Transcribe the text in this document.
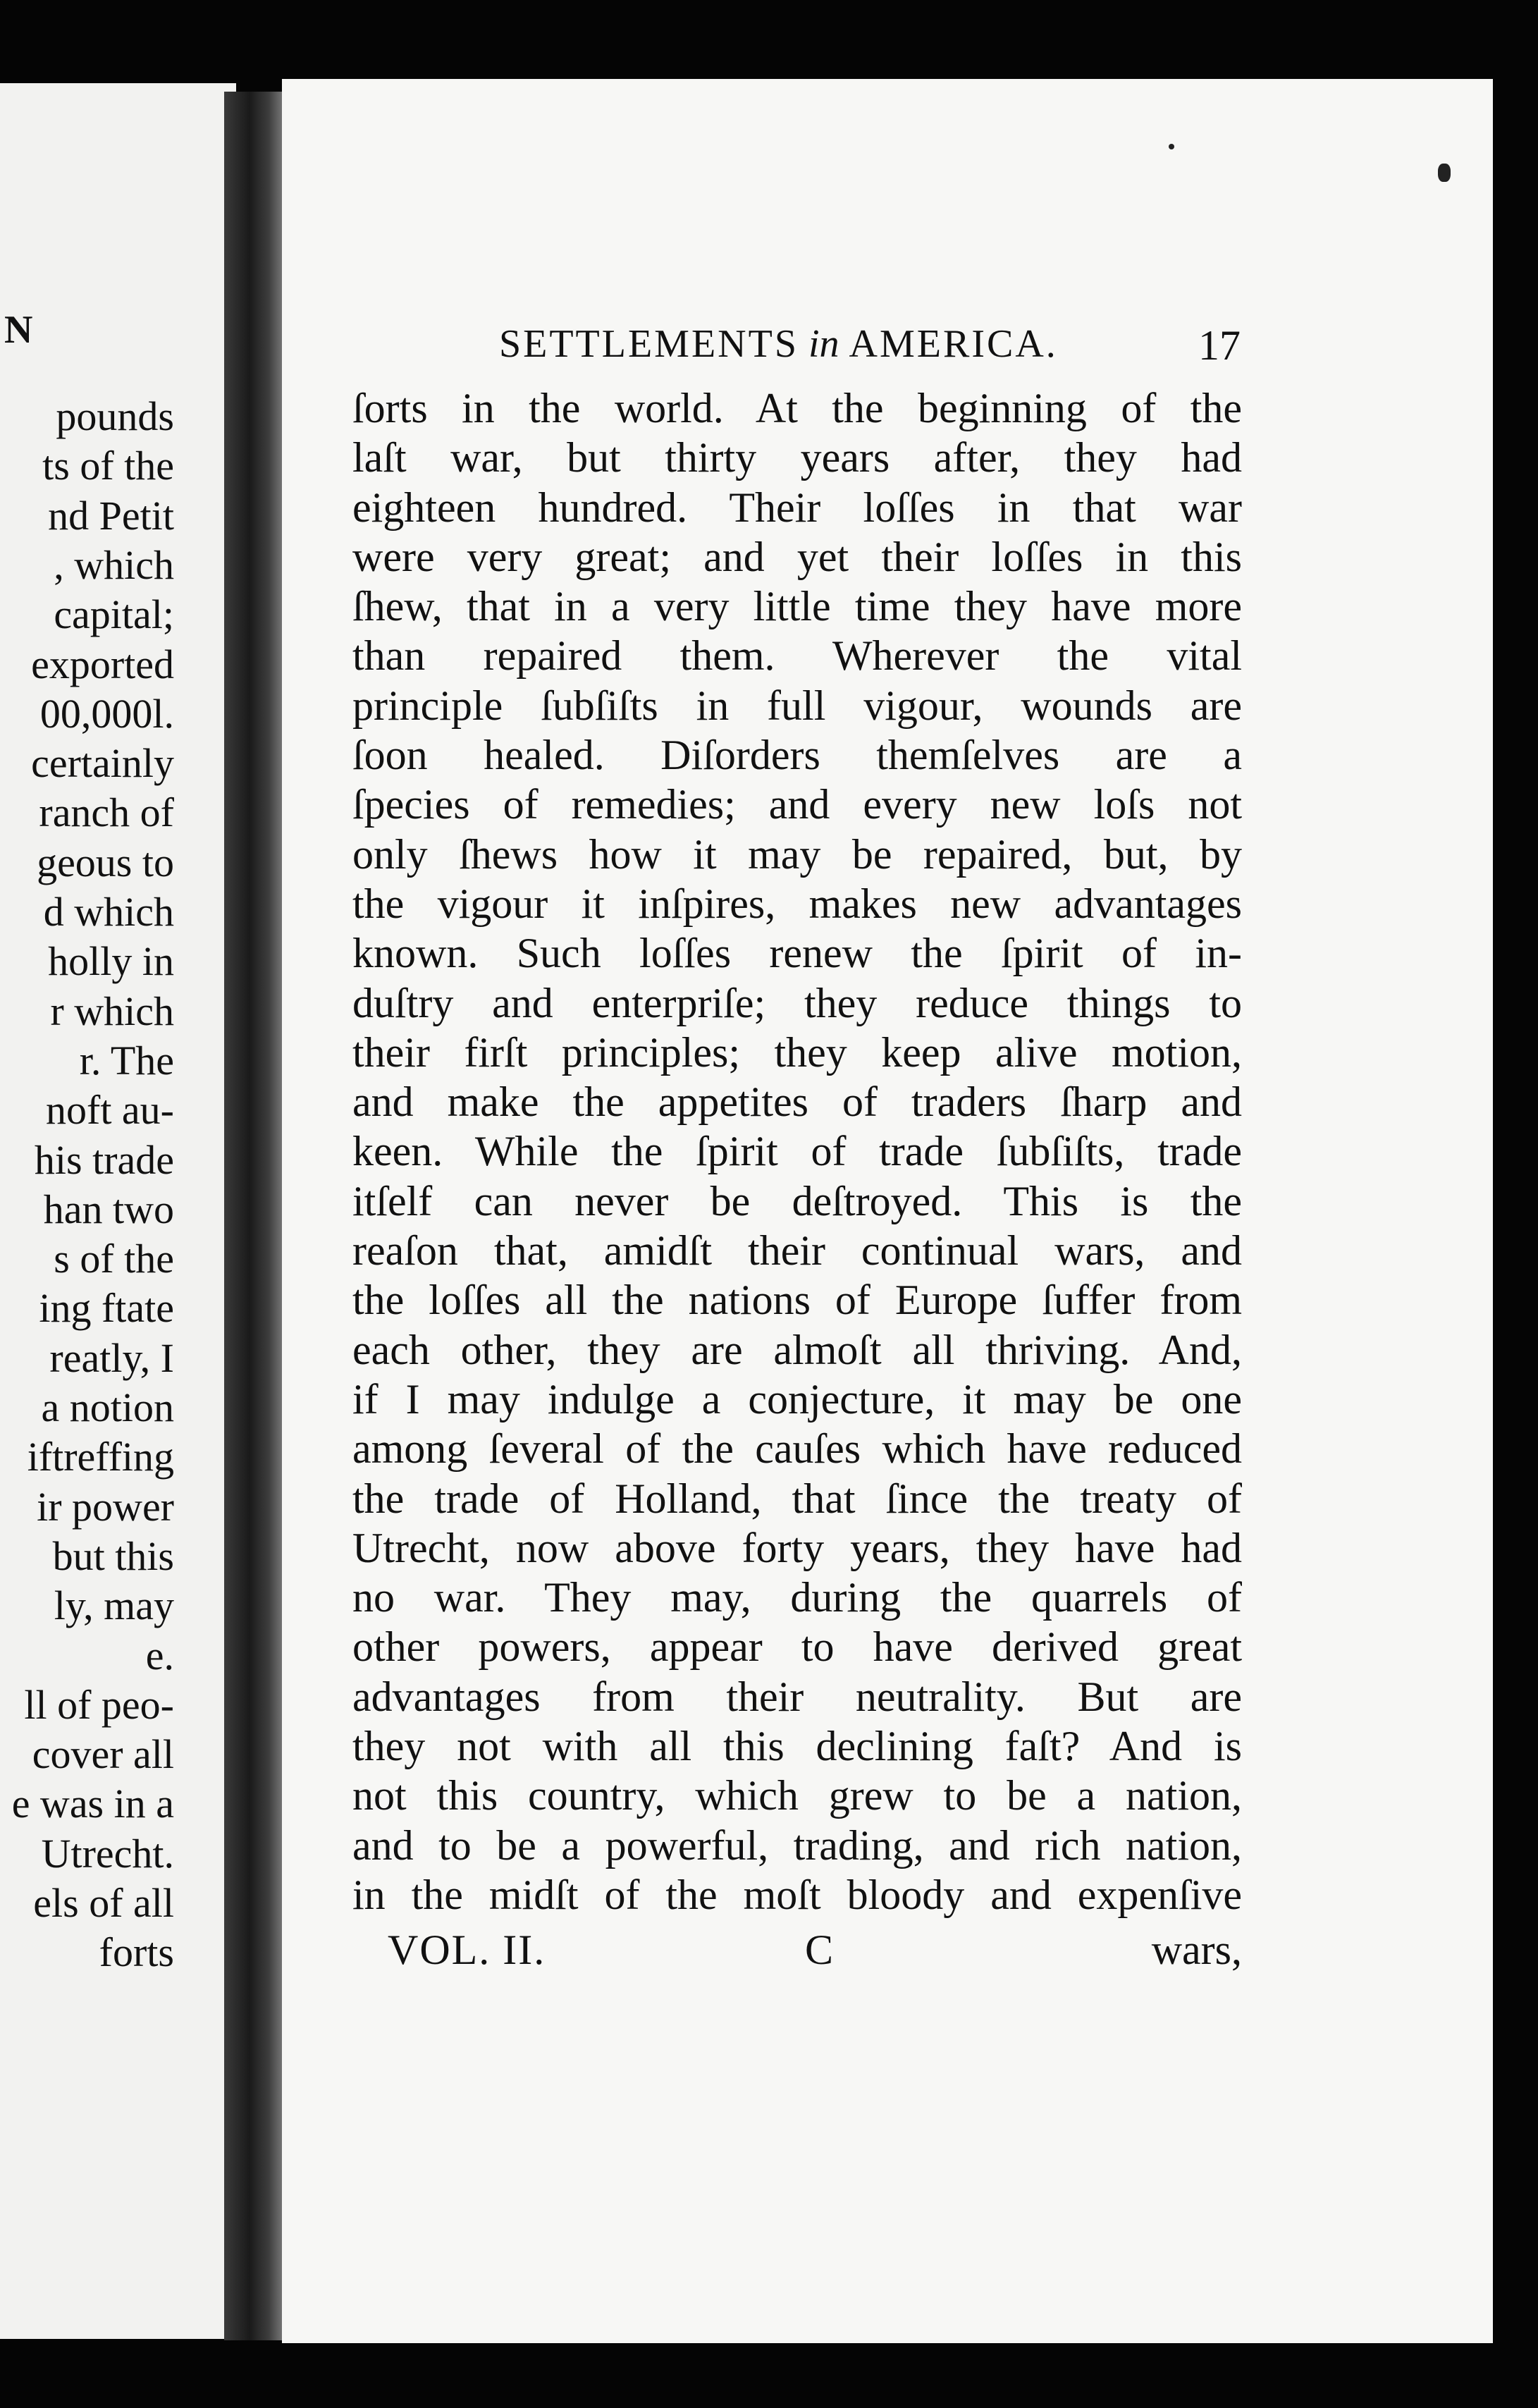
N
pounds
ts of the
nd Petit
, which
capital;
exported
00,000l.
certainly
ranch of
geous to
d which
holly in
r which
r. The
noft au-
his trade
han two
s of the
ing ftate
reatly, I
a notion
iftreffing
ir power
but this
ly, may
e.
ll of peo-
cover all
e was in a
Utrecht.
els of all
forts
SETTLEMENTS in AMERICA.	17
ſorts in the world. At the beginning of the
laſt war, but thirty years after, they had
eighteen hundred. Their loſſes in that war
were very great; and yet their loſſes in this
ſhew, that in a very little time they have more
than repaired them. Wherever the vital
principle ſubſiſts in full vigour, wounds are
ſoon healed. Diſorders themſelves are a
ſpecies of remedies; and every new loſs not
only ſhews how it may be repaired, but, by
the vigour it inſpires, makes new advantages
known. Such loſſes renew the ſpirit of in-
duſtry and enterpriſe; they reduce things to
their firſt principles; they keep alive motion,
and make the appetites of traders ſharp and
keen. While the ſpirit of trade ſubſiſts, trade
itſelf can never be deſtroyed. This is the
reaſon that, amidſt their continual wars, and
the loſſes all the nations of Europe ſuffer from
each other, they are almoſt all thriving. And,
if I may indulge a conjecture, it may be one
among ſeveral of the cauſes which have reduced
the trade of Holland, that ſince the treaty of
Utrecht, now above forty years, they have had
no war. They may, during the quarrels of
other powers, appear to have derived great
advantages from their neutrality. But are
they not with all this declining faſt? And is
not this country, which grew to be a nation,
and to be a powerful, trading, and rich nation,
in the midſt of the moſt bloody and expenſive
VOL. II.	C	wars,
